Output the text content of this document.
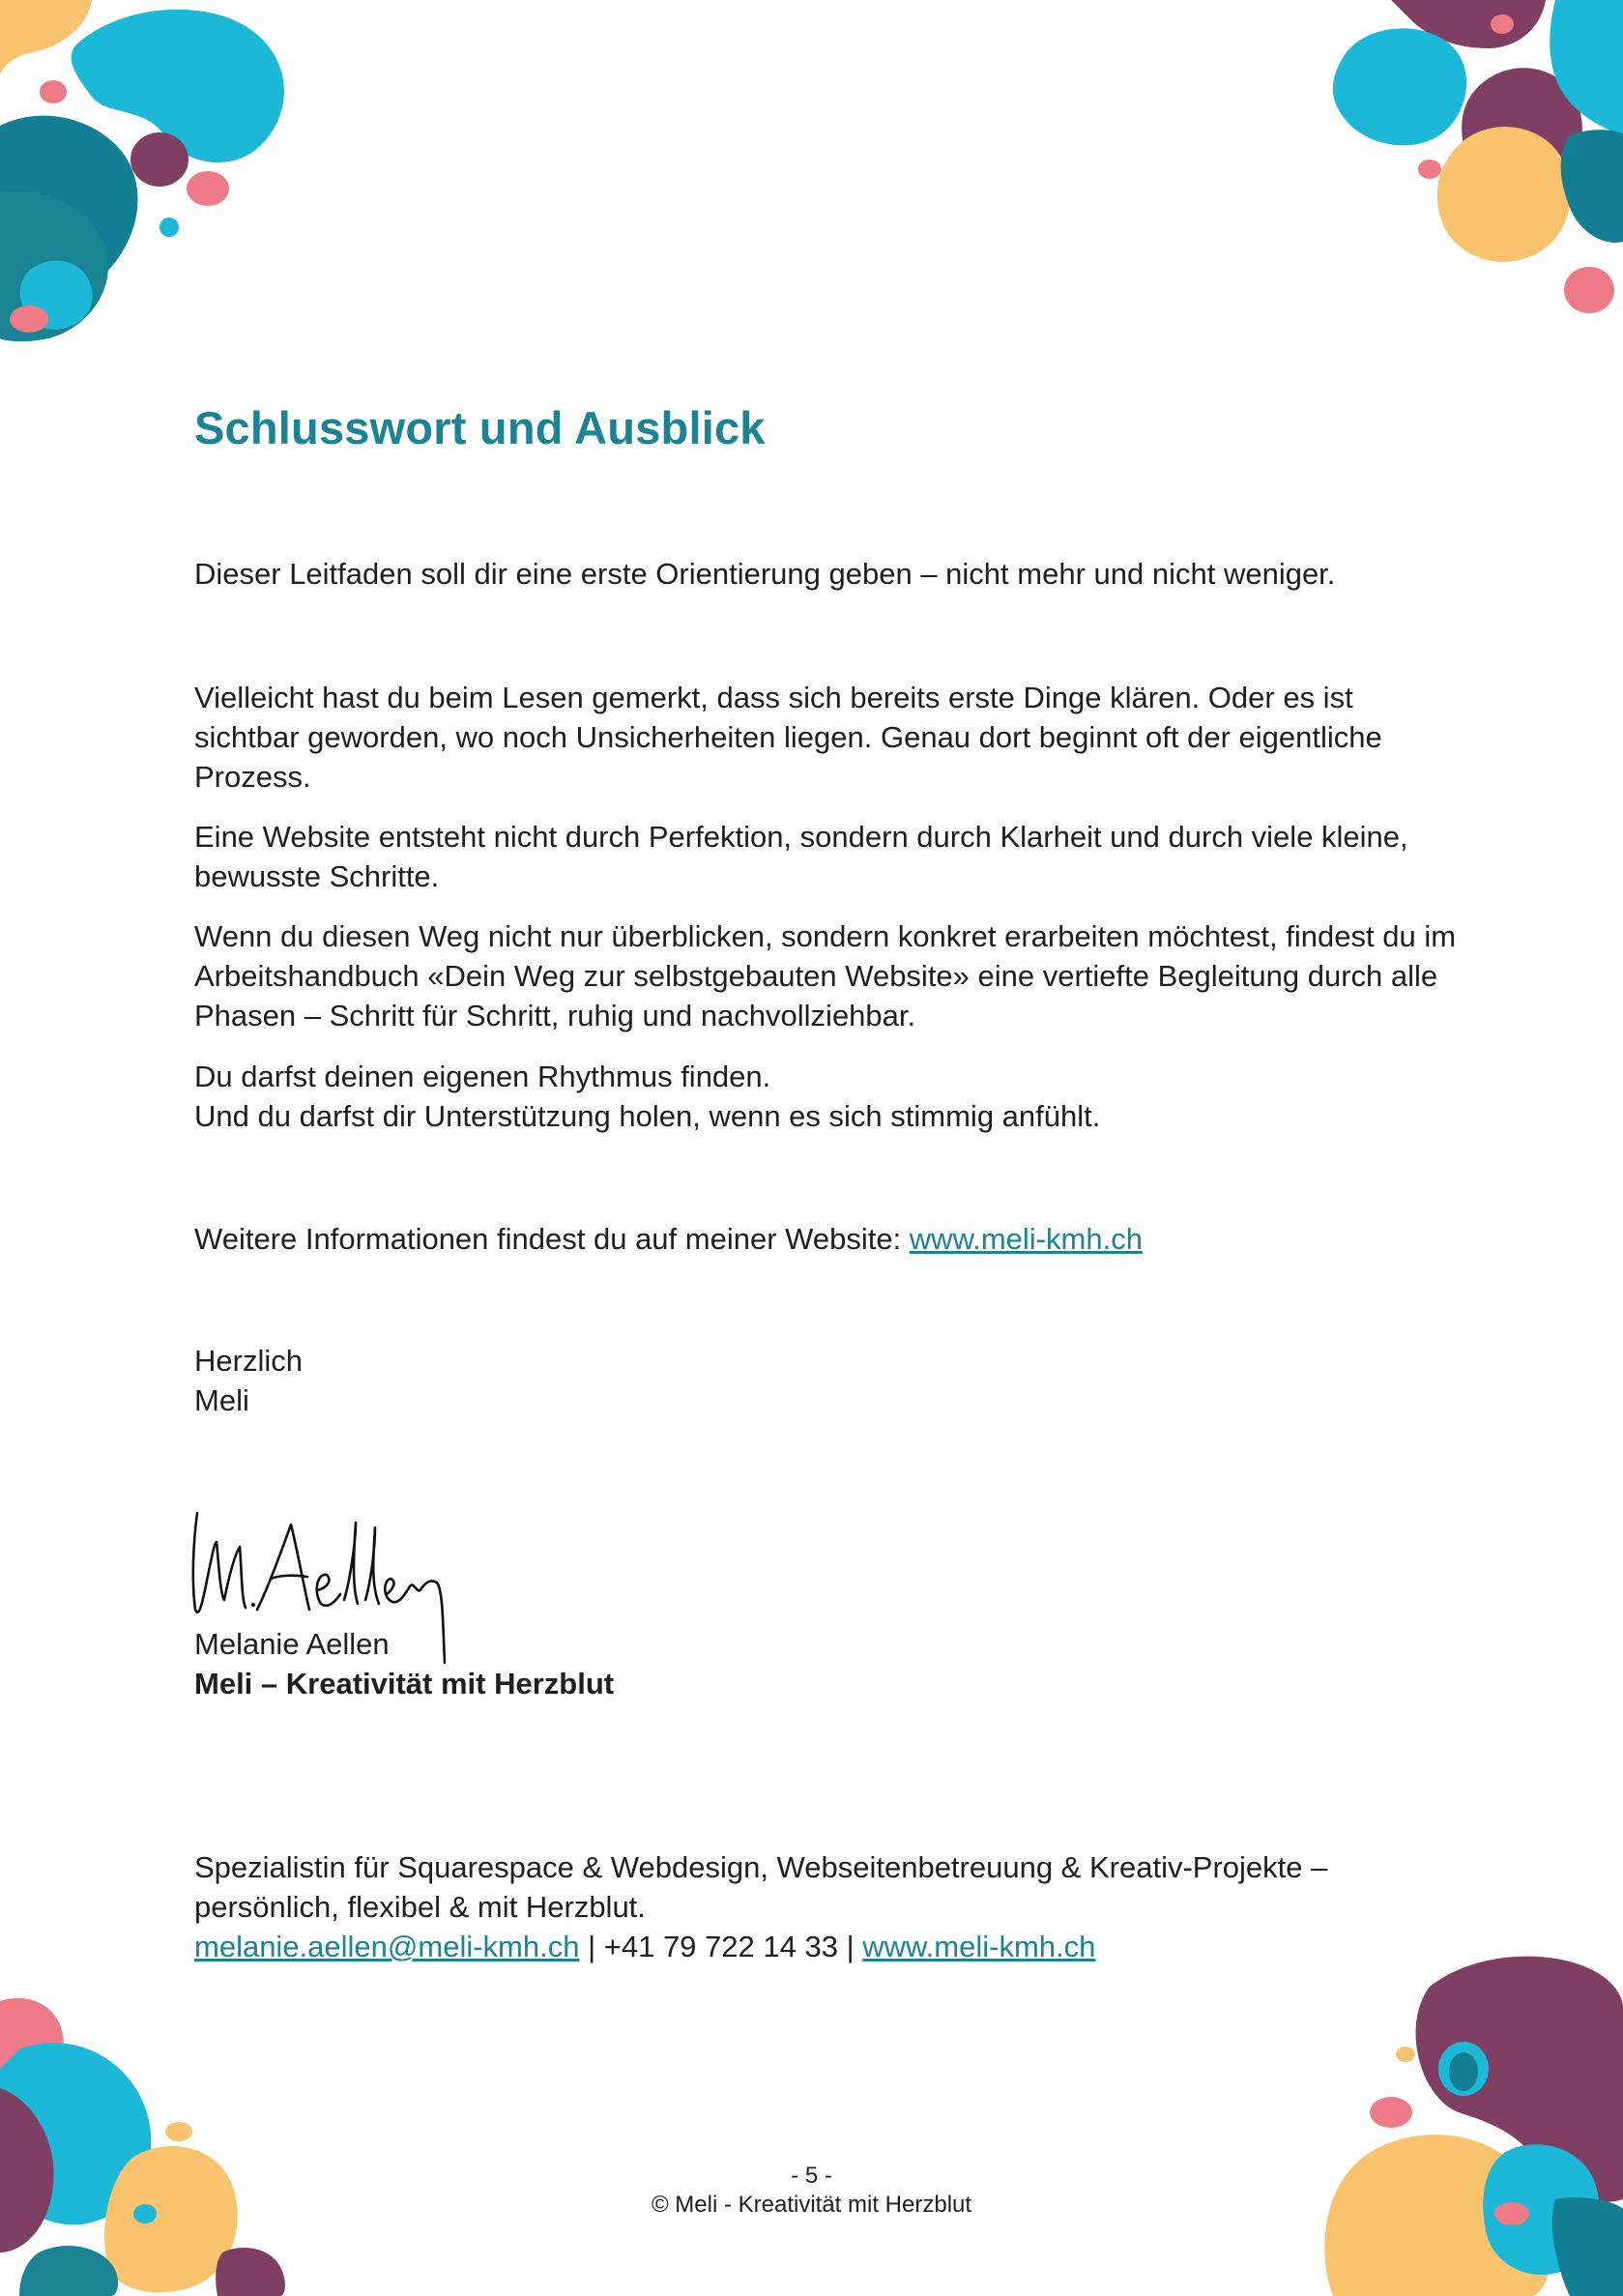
Schlusswort und Ausblick

Dieser Leitfaden soll dir eine erste Orientierung geben – nicht mehr und nicht weniger.

Vielleicht hast du beim Lesen gemerkt, dass sich bereits erste Dinge klären. Oder es ist sichtbar geworden, wo noch Unsicherheiten liegen. Genau dort beginnt oft der eigentliche Prozess.

Eine Website entsteht nicht durch Perfektion, sondern durch Klarheit und durch viele kleine, bewusste Schritte.

Wenn du diesen Weg nicht nur überblicken, sondern konkret erarbeiten möchtest, findest du im Arbeitshandbuch «Dein Weg zur selbstgebauten Website» eine vertiefte Begleitung durch alle Phasen – Schritt für Schritt, ruhig und nachvollziehbar.

Du darfst deinen eigenen Rhythmus finden.

Und du darfst dir Unterstützung holen, wenn es sich stimmig anfühlt.

Weitere Informationen findest du auf meiner Website: www.meli-kmh.ch

Herzlich

Meli

Melanie Aellen

Meli – Kreativität mit Herzblut

Spezialistin für Squarespace & Webdesign, Webseitenbetreuung & Kreativ-Projekte –

persönlich, flexibel & mit Herzblut.

melanie.aellen@meli-kmh.ch | +41 79 722 14 33 | www.meli-kmh.ch

- 5 -
© Meli - Kreativität mit Herzblut
